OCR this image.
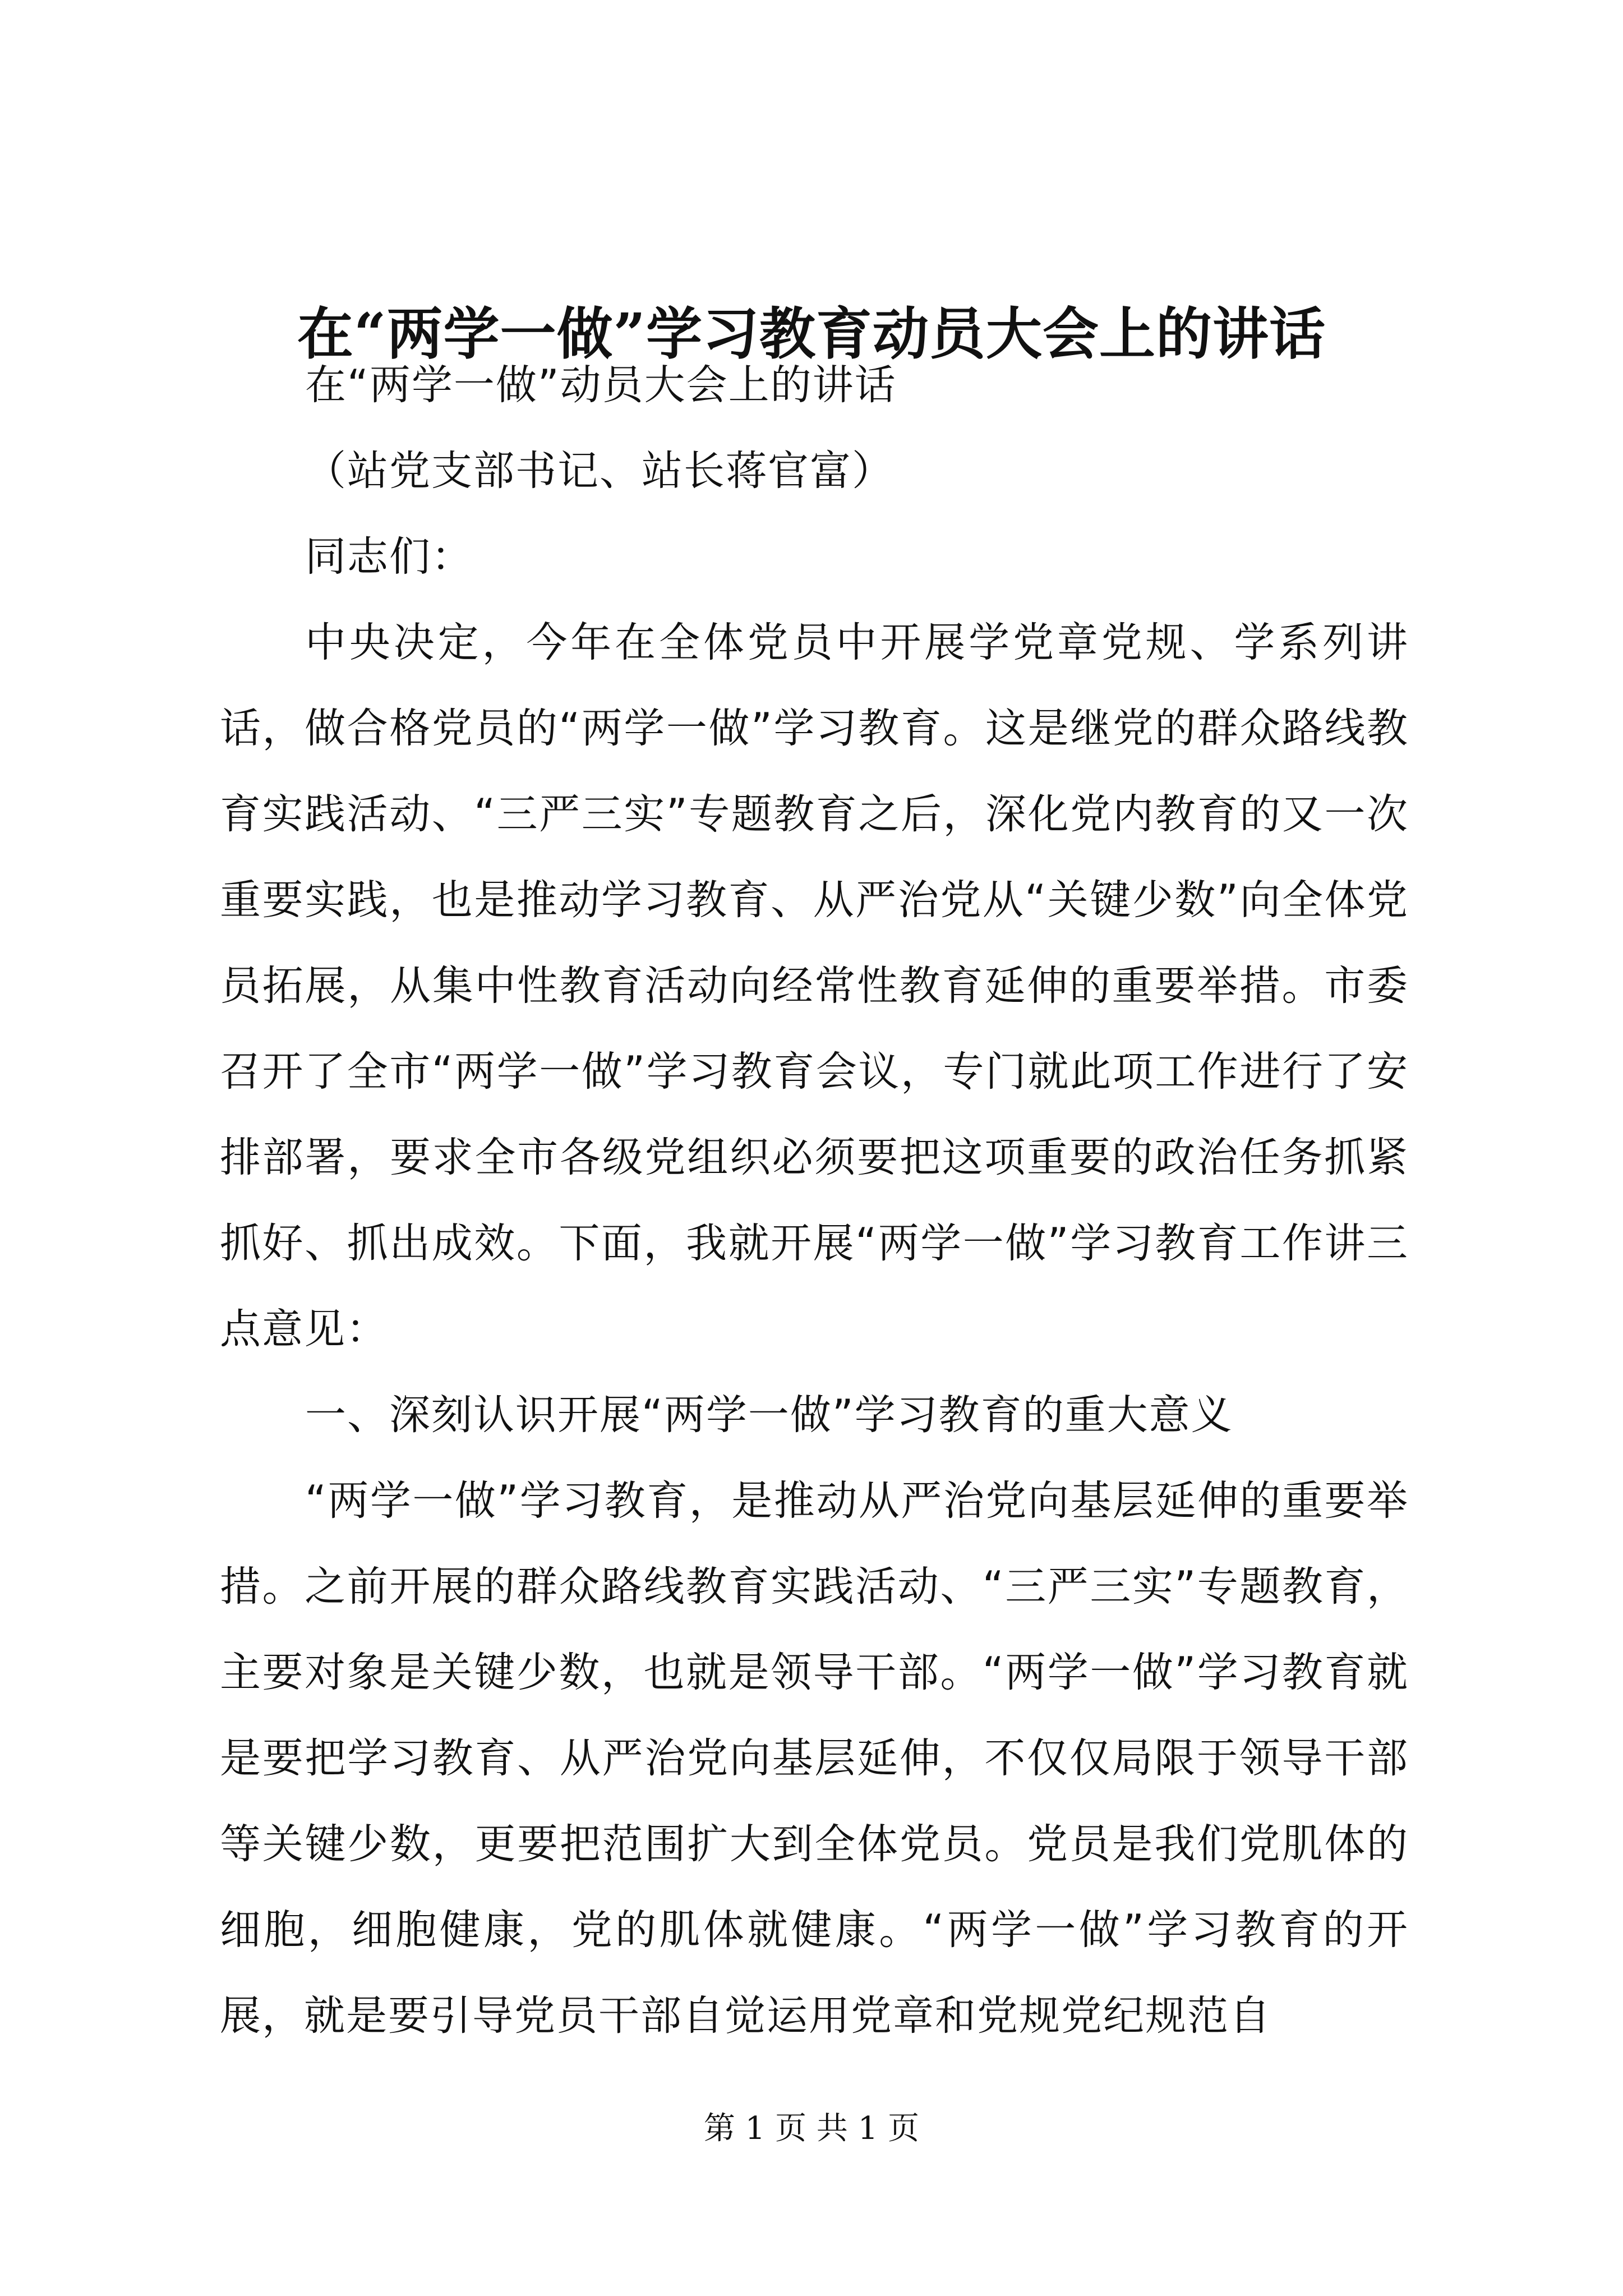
在“两学一做”学习教育动员大会上的讲话
在“两学一做”动员大会上的讲话
（站党支部书记、站长蒋官富）
同志们：

中央决定，今年在全体党员中开展学党章党规、学系列讲话，做合格党员的“两学一做”学习教育。这是继党的群众路线教育实践活动、“三严三实”专题教育之后，深化党内教育的又一次重要实践，也是推动学习教育、从严治党从“关键少数”向全体党员拓展，从集中性教育活动向经常性教育延伸的重要举措。市委召开了全市“两学一做”学习教育会议，专门就此项工作进行了安排部署，要求全市各级党组织必须要把这项重要的政治任务抓紧抓好、抓出成效。下面，我就开展“两学一做”学习教育工作讲三点意见：

一、深刻认识开展“两学一做”学习教育的重大意义

“两学一做”学习教育，是推动从严治党向基层延伸的重要举措。之前开展的群众路线教育实践活动、“三严三实”专题教育，主要对象是关键少数，也就是领导干部。“两学一做”学习教育就是要把学习教育、从严治党向基层延伸，不仅仅局限于领导干部等关键少数，更要把范围扩大到全体党员。党员是我们党肌体的细胞，细胞健康，党的肌体就健康。“两学一做”学习教育的开展，就是要引导党员干部自觉运用党章和党规党纪规范自

第 1 页 共 1 页
